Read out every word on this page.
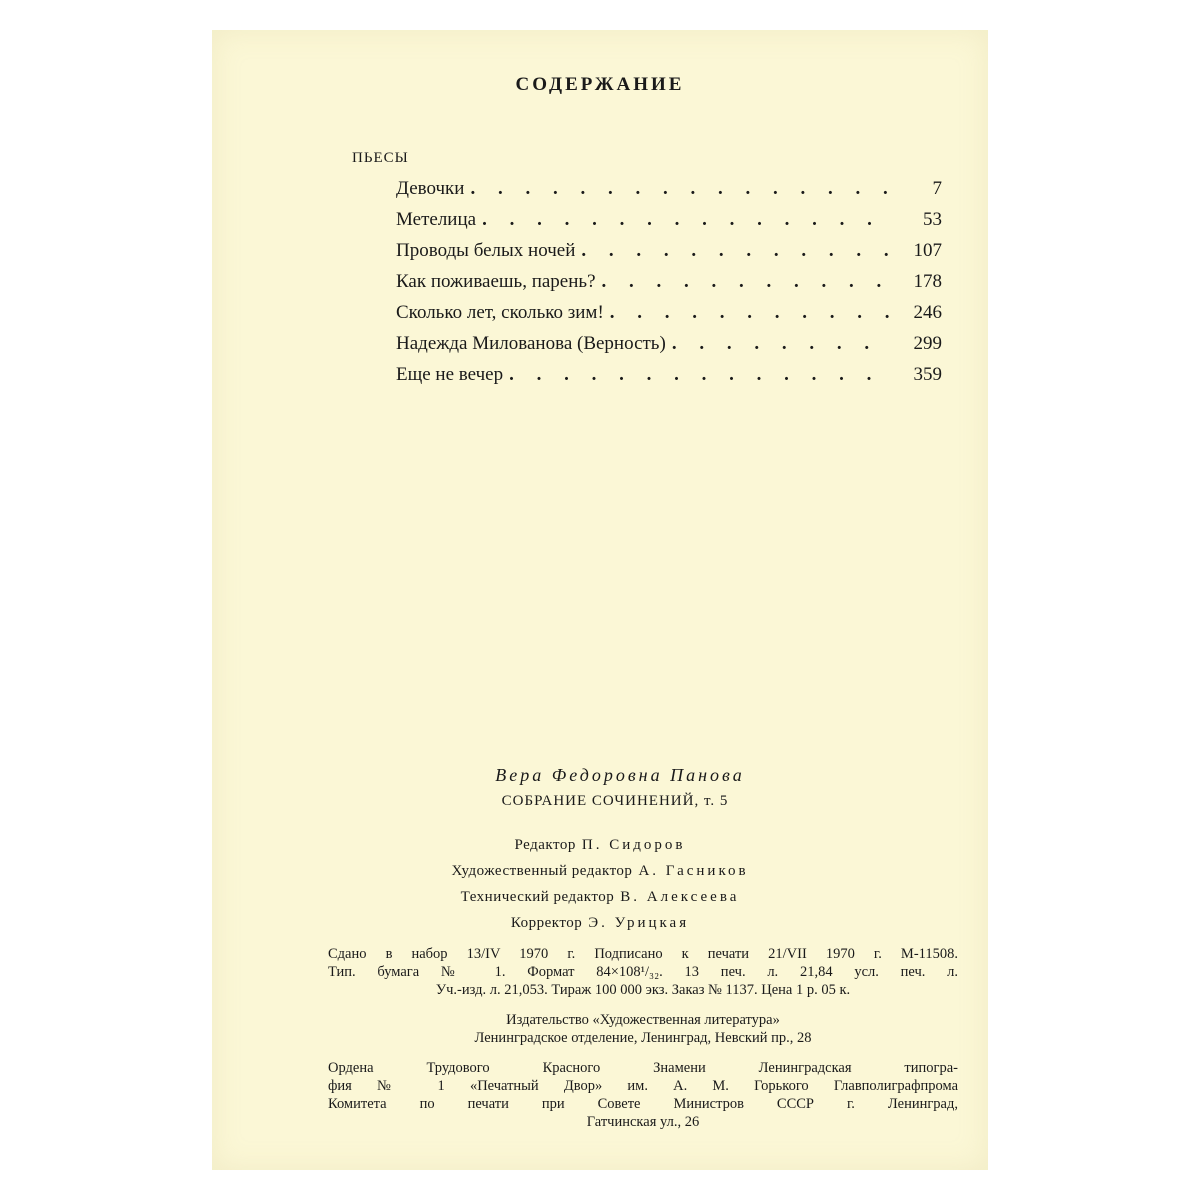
СОДЕРЖАНИЕ
ПЬЕСЫ
Девочки . . .	7
Метелица . . .	53
Проводы белых ночей . . .	107
Как поживаешь, парень? . . .	178
Сколько лет, сколько зим! . . .	246
Надежда Милованова (Верность) . . .	299
Еще не вечер . . .	359
Вера Федоровна Панова
СОБРАНИЕ СОЧИНЕНИЙ, т. 5
Редактор П. Сидоров
Художественный редактор А. Гасников
Технический редактор В. Алексеева
Корректор Э. Урицкая
Сдано в набор 13/IV 1970 г. Подписано к печати 21/VII 1970 г. М-11508.
Тип. бумага № 1. Формат 84×108¹/₃₂. 13 печ. л. 21,84 усл. печ. л.
Уч.-изд. л. 21,053. Тираж 100 000 экз. Заказ № 1137. Цена 1 р. 05 к.
Издательство «Художественная литература»
Ленинградское отделение, Ленинград, Невский пр., 28
Ордена Трудового Красного Знамени Ленинградская типогра-
фия № 1 «Печатный Двор» им. А. М. Горького Главполиграфпрома
Комитета по печати при Совете Министров СССР г. Ленинград,
Гатчинская ул., 26
